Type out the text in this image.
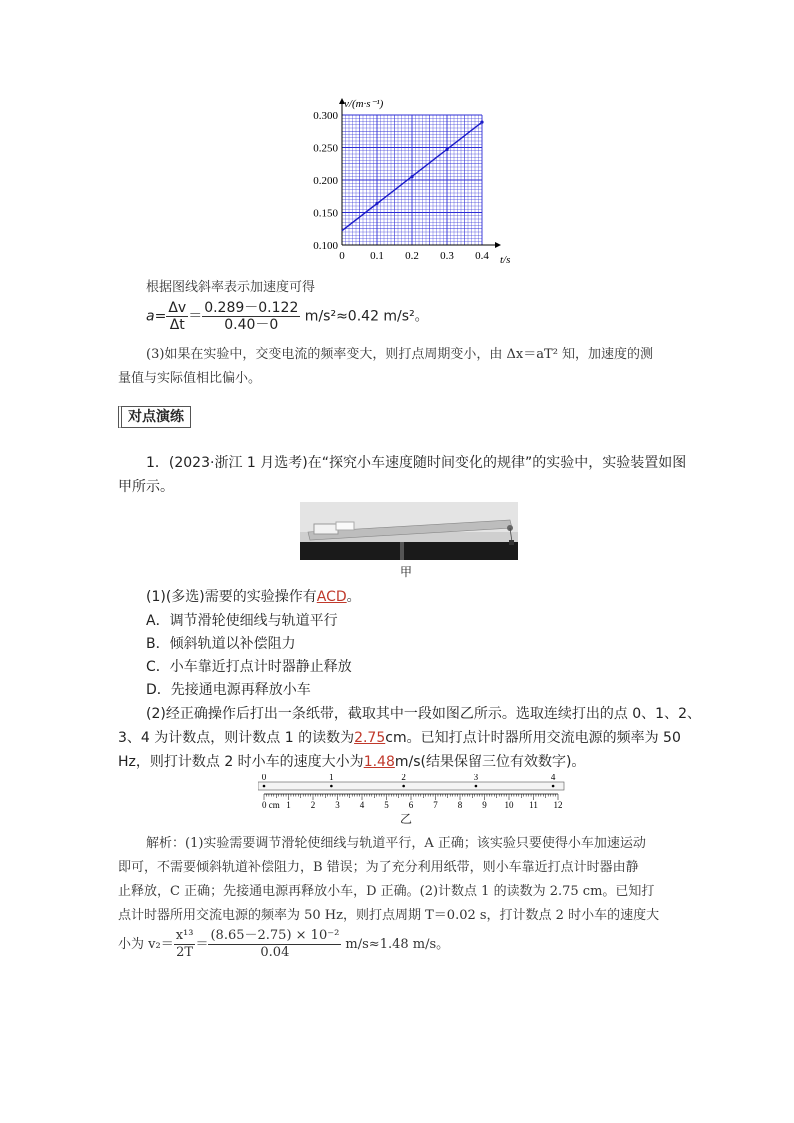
0.100
0.150
0.200
0.250
0.300
0 0.1 0.2 0.3 0.4
v/(m·s⁻¹)
t/s
根据图线斜率表示加速度可得
$a= \frac{\Delta v}{\Delta t} = \frac{0.289-0.122}{0.40-0} m/s^2\approx 0.42$ m/s²。
(3)如果在实验中，交变电流的频率变大，则打点周期变小，由 Δx＝aT² 知，加速度的测
量值与实际值相比偏小。
对点演练
1．(2023·浙江 1 月选考)在“探究小车速度随时间变化的规律”的实验中，实验装置如图
甲所示。
甲
(1)(多选)需要的实验操作有ACD。
A．调节滑轮使细线与轨道平行
B．倾斜轨道以补偿阻力
C．小车靠近打点计时器静止释放
D．先接通电源再释放小车
(2)经正确操作后打出一条纸带，截取其中一段如图乙所示。选取连续打出的点 0、1、2、
3、4 为计数点，则计数点 1 的读数为2.75cm。已知打点计时器所用交流电源的频率为 50
Hz，则打计数点 2 时小车的速度大小为1.48m/s(结果保留三位有效数字)。
0	1	2	3	4
0 cm 1 2 3 4 5 6 7 8 9 10 11 12
乙
解析：(1)实验需要调节滑轮使细线与轨道平行，A 正确；该实验只要使得小车加速运动
即可，不需要倾斜轨道补偿阻力，B 错误；为了充分利用纸带，则小车靠近打点计时器由静
止释放，C 正确；先接通电源再释放小车，D 正确。(2)计数点 1 的读数为 2.75 cm。已知打
点计时器所用交流电源的频率为 50 Hz，则打点周期 T＝0.02 s，打计数点 2 时小车的速度大
小为 $v_2= \frac{\text{x¹³}}{2T} = \frac{\text{(8.65－2.75) × 10⁻²}}{0.04} m/s\approx 1.48$ m/s。
